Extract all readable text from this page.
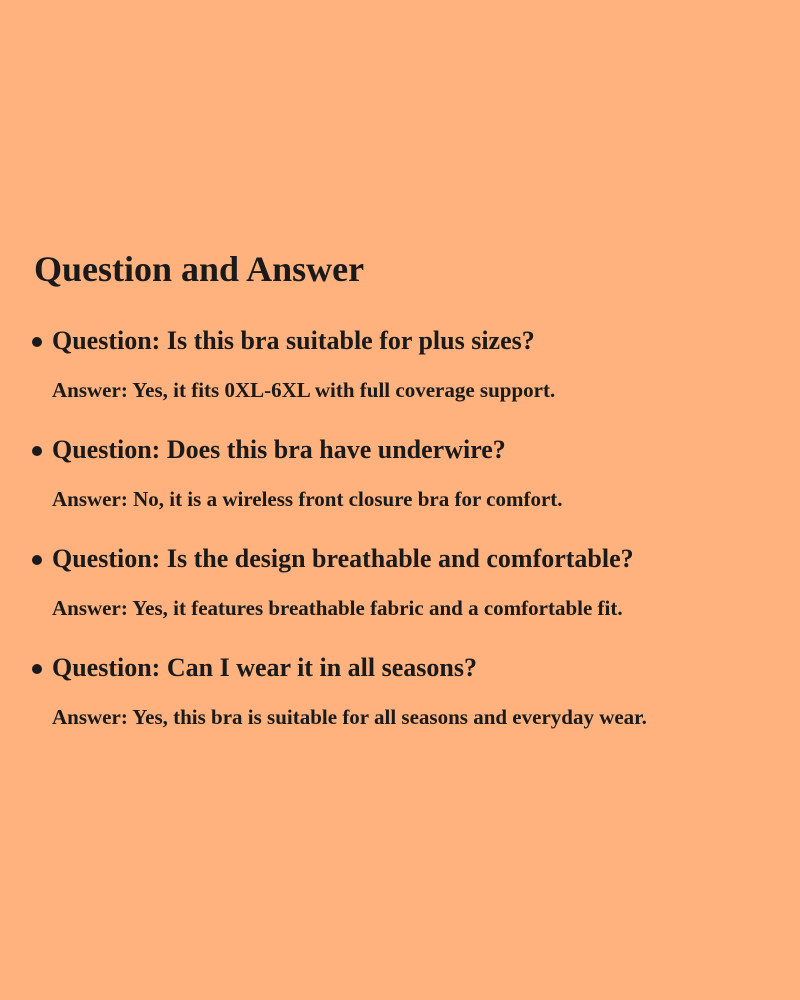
Question and Answer
Question: Is this bra suitable for plus sizes?
Answer: Yes, it fits 0XL-6XL with full coverage support.
Question: Does this bra have underwire?
Answer: No, it is a wireless front closure bra for comfort.
Question: Is the design breathable and comfortable?
Answer: Yes, it features breathable fabric and a comfortable fit.
Question: Can I wear it in all seasons?
Answer: Yes, this bra is suitable for all seasons and everyday wear.
